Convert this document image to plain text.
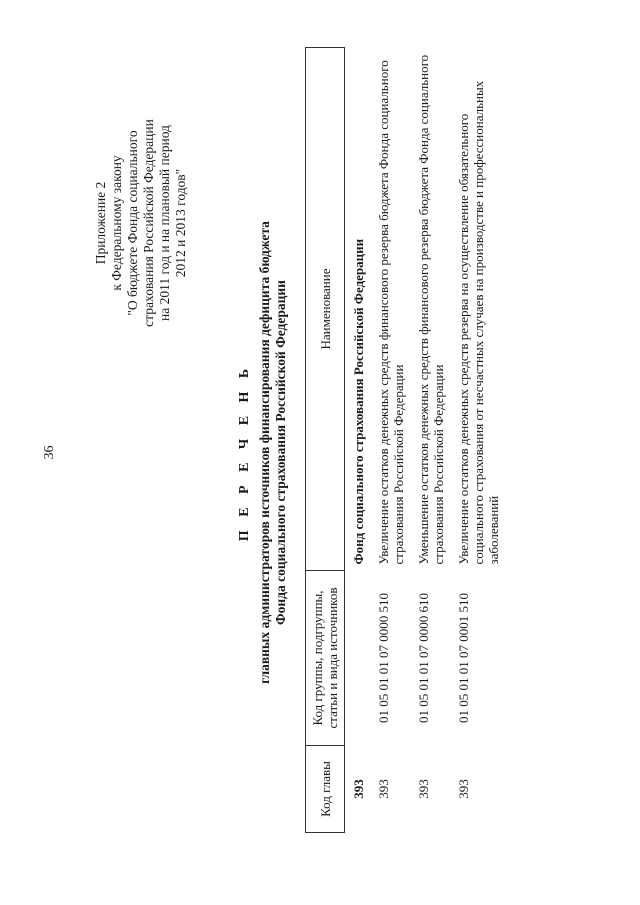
36
Приложение 2 к Федеральному закону "О бюджете Фонда социального страхования Российской Федерации на 2011 год и на плановый период 2012 и 2013 годов"
П Е Р Е Ч Е Н Ь главных администраторов источников финансирования дефицита бюджета Фонда социального страхования Российской Федерации
Код главы	Код группы, подгруппы, статьи и вида источников	Наименование
393		Фонд социального страхования Российской Федерации
393	01 05 01 01 07 0000 510	Увеличение остатков денежных средств финансового резерва бюджета Фонда социального страхования Российской Федерации
393	01 05 01 01 07 0000 610	Уменьшение остатков денежных средств финансового резерва бюджета Фонда социального страхования Российской Федерации
393	01 05 01 01 07 0001 510	Увеличение остатков денежных средств резерва на осуществление обязательного социального страхования от несчастных случаев на производстве и профессиональных заболеваний
